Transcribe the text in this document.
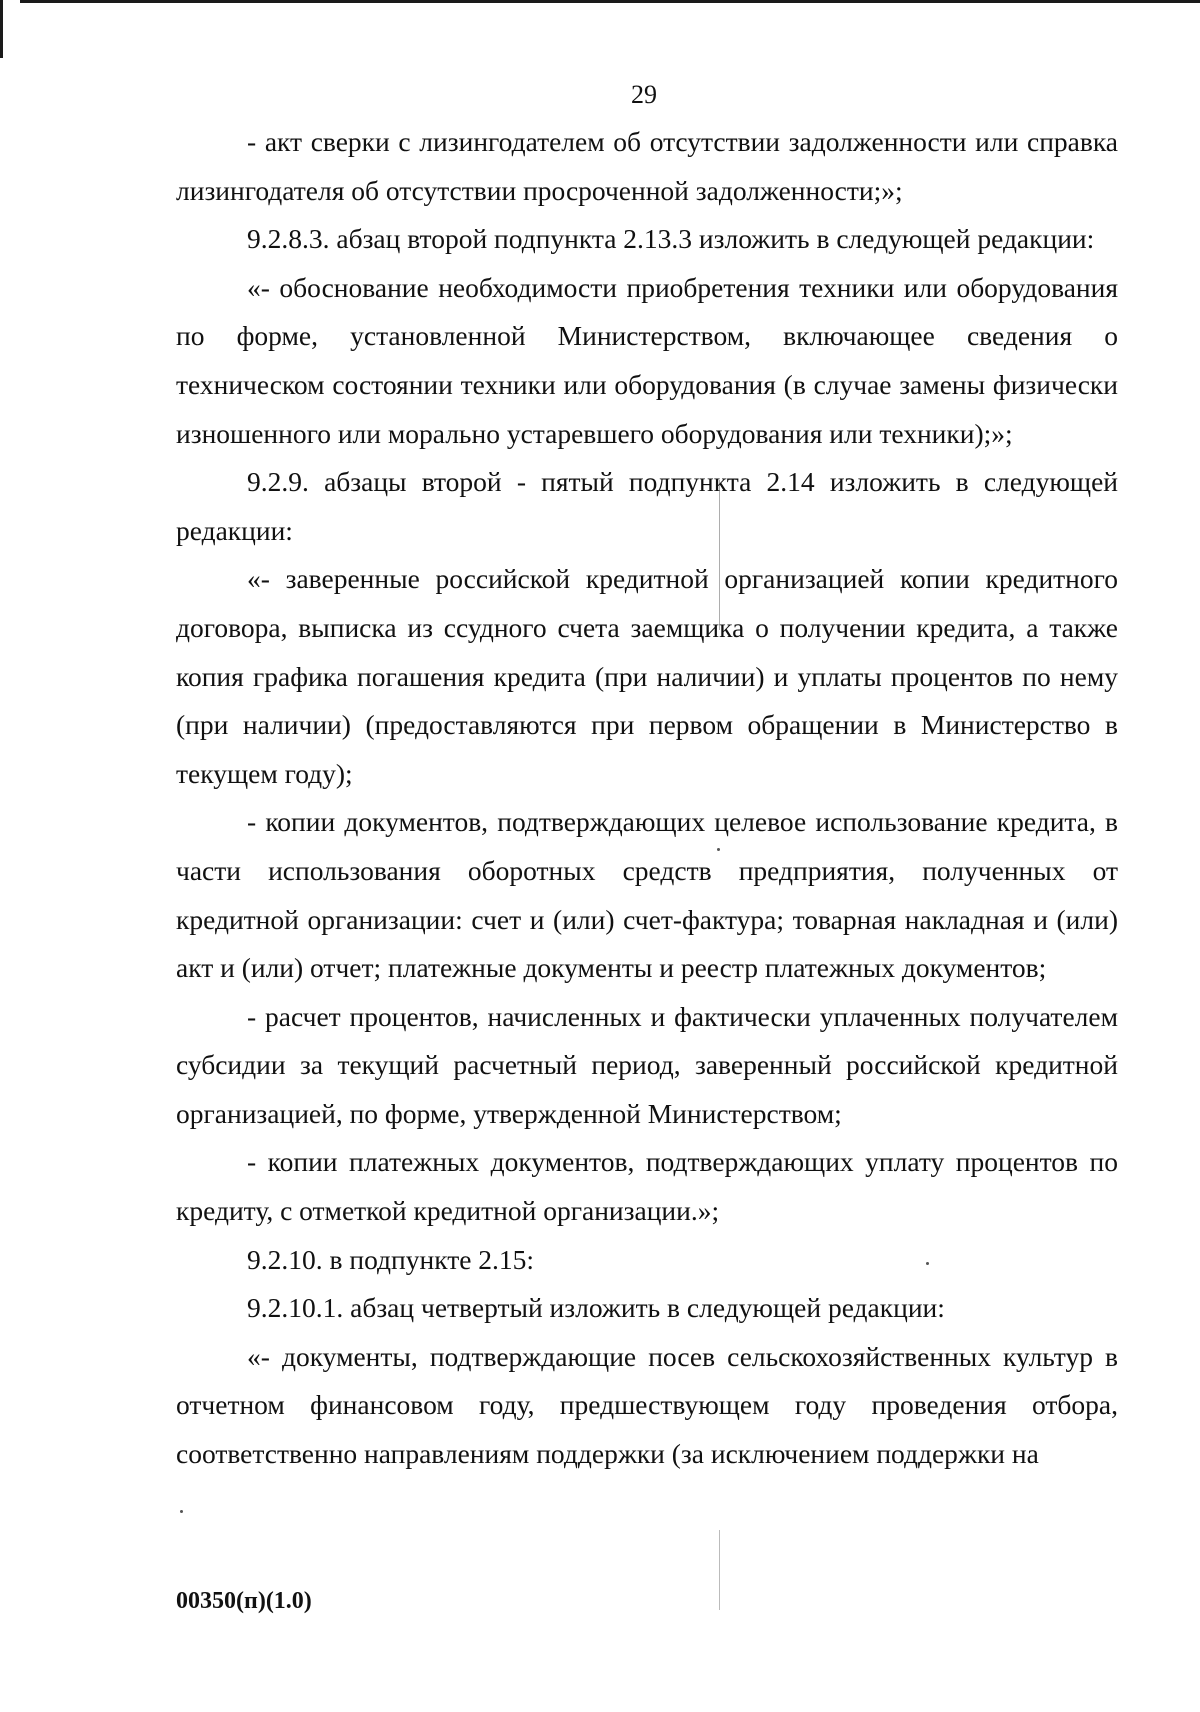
29

- акт сверки с лизингодателем об отсутствии задолженности или справка лизингодателя об отсутствии просроченной задолженности;»;

9.2.8.3. абзац второй подпункта 2.13.3 изложить в следующей редакции:

«- обоснование необходимости приобретения техники или оборудования по форме, установленной Министерством, включающее сведения о техническом состоянии техники или оборудования (в случае замены физически изношенного или морально устаревшего оборудования или техники);»;

9.2.9. абзацы второй - пятый подпункта 2.14 изложить в следующей редакции:

«- заверенные российской кредитной организацией копии кредитного договора, выписка из ссудного счета заемщика о получении кредита, а также копия графика погашения кредита (при наличии) и уплаты процентов по нему (при наличии) (предоставляются при первом обращении в Министерство в текущем году);

- копии документов, подтверждающих целевое использование кредита, в части использования оборотных средств предприятия, полученных от кредитной организации: счет и (или) счет-фактура; товарная накладная и (или) акт и (или) отчет; платежные документы и реестр платежных документов;

- расчет процентов, начисленных и фактически уплаченных получателем субсидии за текущий расчетный период, заверенный российской кредитной организацией, по форме, утвержденной Министерством;

- копии платежных документов, подтверждающих уплату процентов по кредиту, с отметкой кредитной организации.»;

9.2.10. в подпункте 2.15:

9.2.10.1. абзац четвертый изложить в следующей редакции:

«- документы, подтверждающие посев сельскохозяйственных культур в отчетном финансовом году, предшествующем году проведения отбора, соответственно направлениям поддержки (за исключением поддержки на

00350(п)(1.0)
